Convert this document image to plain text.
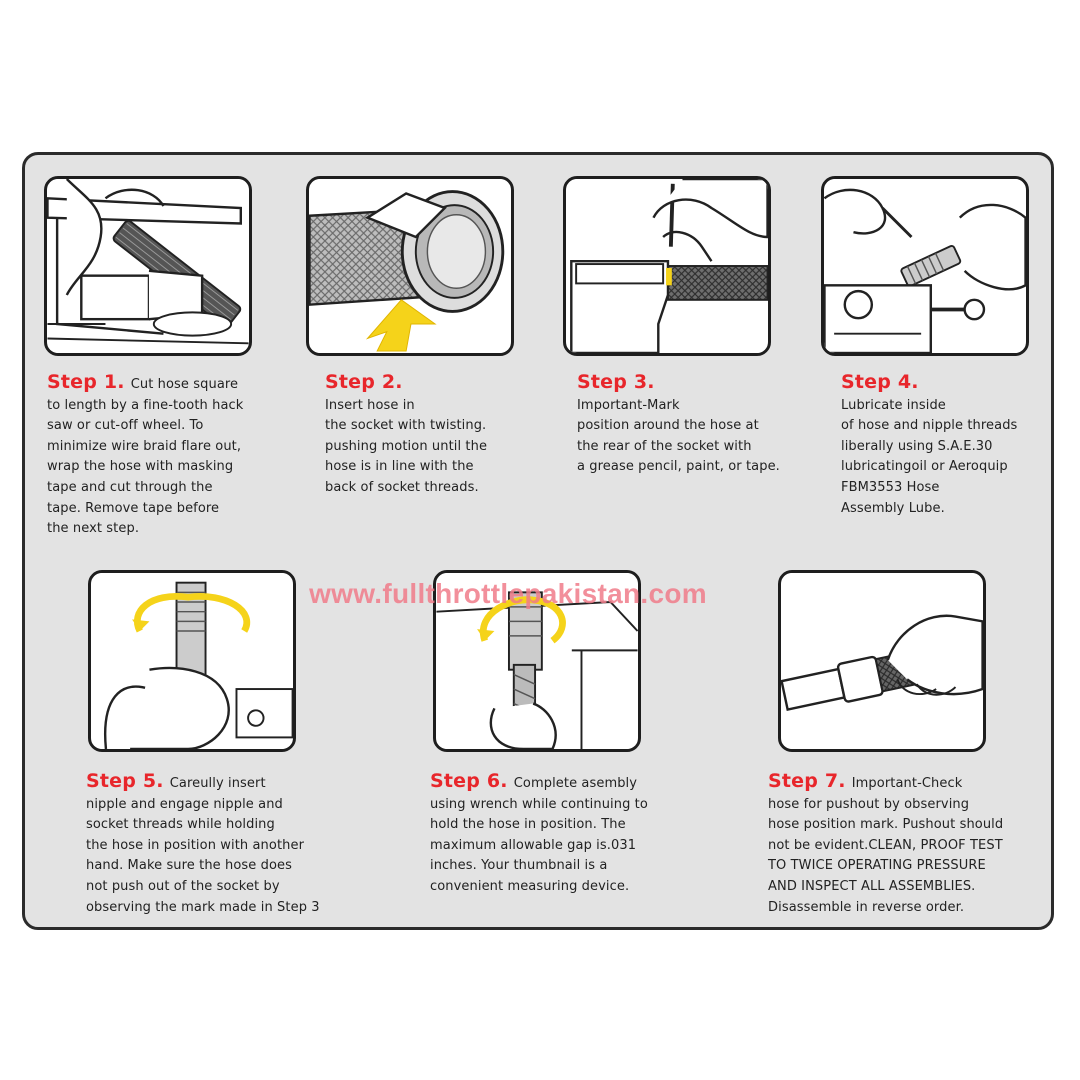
Step 1. Cut hose square
to length by a fine-tooth hack
saw or cut-off wheel. To
minimize wire braid flare out,
wrap the hose with masking
tape and cut through the
tape. Remove tape before
the next step.
Step 2.
Insert hose in
the socket with twisting.
pushing motion until the
hose is in line with the
back of socket threads.
Step 3.
Important-Mark
position around the hose at
the rear of the socket with
a grease pencil, paint, or tape.
Step 4.
Lubricate inside
of hose and nipple threads
liberally using S.A.E.30
lubricatingoil or Aeroquip
FBM3553 Hose
Assembly Lube.
Step 5. Careully insert
nipple and engage nipple and
socket threads while holding
the hose in position with another
hand. Make sure the hose does
not push out of the socket by
observing the mark made in Step 3
Step 6. Complete asembly
using wrench while continuing to
hold the hose in position. The
maximum allowable gap is.031
inches. Your thumbnail is a
convenient measuring device.
Step 7. Important-Check
hose for pushout by observing
hose position mark. Pushout should
not be evident.CLEAN, PROOF TEST
TO TWICE OPERATING PRESSURE
AND INSPECT ALL ASSEMBLIES.
Disassemble in reverse order.
www.fullthrottlepakistan.com
